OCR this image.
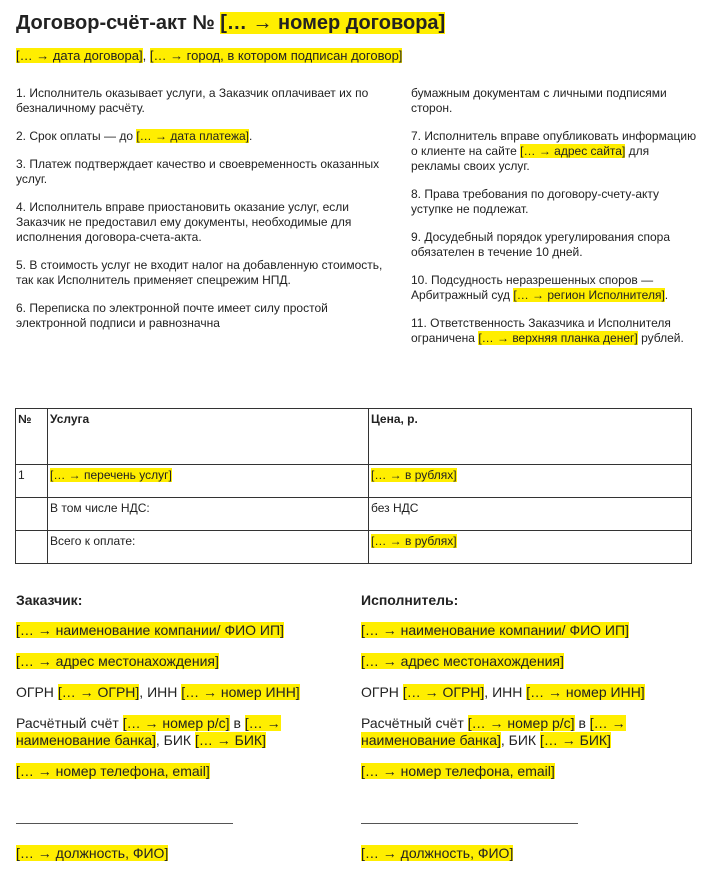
Договор-счёт-акт № [… → номер договора]
[… → дата договора], [… → город, в котором подписан договор]

1. Исполнитель оказывает услуги, а Заказчик оплачивает их по безналичному расчёту.

2. Срок оплаты — до [… → дата платежа].

3. Платеж подтверждает качество и своевременность оказанных услуг.

4. Исполнитель вправе приостановить оказание услуг, если Заказчик не предоставил ему документы, необходимые для исполнения договора-счета-акта.

5. В стоимость услуг не входит налог на добавленную стоимость, так как Исполнитель применяет спецрежим НПД.

6. Переписка по электронной почте имеет силу простой электронной подписи и равнозначна

бумажным документам с личными подписями сторон.

7. Исполнитель вправе опубликовать информацию о клиенте на сайте [… → адрес сайта] для рекламы своих услуг.

8. Права требования по договору-счету-акту уступке не подлежат.

9. Досудебный порядок урегулирования спора обязателен в течение 10 дней.

10. Подсудность неразрешенных споров — Арбитражный суд [… → регион Исполнителя].

11. Ответственность Заказчика и Исполнителя ограничена [… → верхняя планка денег] рублей.

№	Услуга	Цена, р.
1	[… → перечень услуг]	[… → в рублях]
	В том числе НДС:	без НДС
	Всего к оплате:	[… → в рублях]
Заказчик:
[… → наименование компании/ ФИО ИП]
[… → адрес местонахождения]
ОГРН [… → ОГРН], ИНН [… → номер ИНН]
Расчётный счёт [… → номер р/с] в [… →
наименование банка], БИК [… → БИК]
[… → номер телефона, email]
[… → должность, ФИО]
Исполнитель:
[… → наименование компании/ ФИО ИП]
[… → адрес местонахождения]
ОГРН [… → ОГРН], ИНН [… → номер ИНН]
Расчётный счёт [… → номер р/с] в [… →
наименование банка], БИК [… → БИК]
[… → номер телефона, email]
[… → должность, ФИО]
